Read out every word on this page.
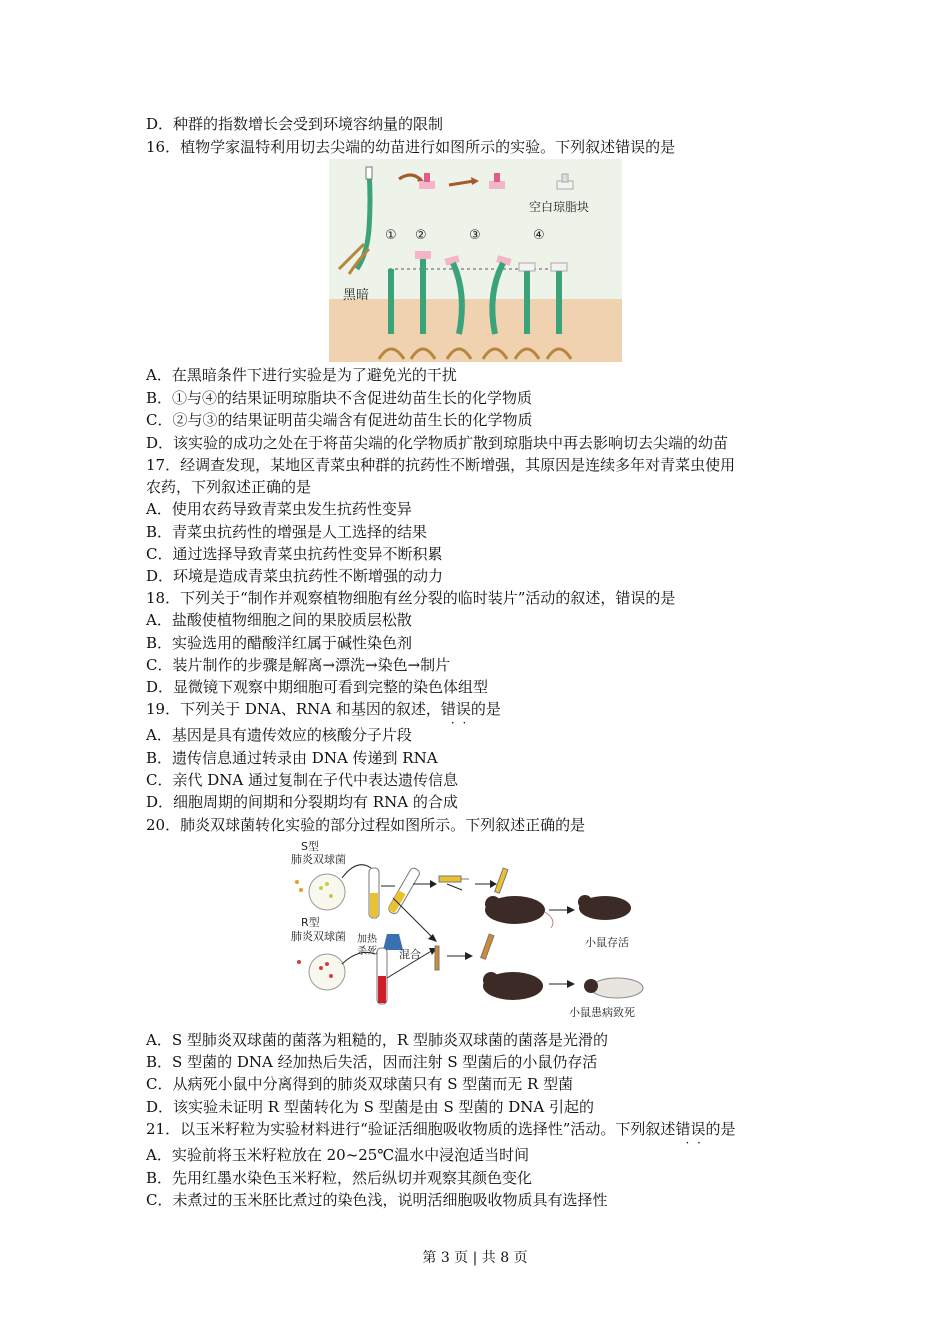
D．种群的指数增长会受到环境容纳量的限制
16．植物学家温特利用切去尖端的幼苗进行如图所示的实验。下列叙述错误的是
空白琼脂块
① ②	③	④
黑暗
A．在黑暗条件下进行实验是为了避免光的干扰
B．①与④的结果证明琼脂块不含促进幼苗生长的化学物质
C．②与③的结果证明苗尖端含有促进幼苗生长的化学物质
D．该实验的成功之处在于将苗尖端的化学物质扩散到琼脂块中再去影响切去尖端的幼苗
17．经调查发现，某地区青菜虫种群的抗药性不断增强，其原因是连续多年对青菜虫使用
农药，下列叙述正确的是
A．使用农药导致青菜虫发生抗药性变异
B．青菜虫抗药性的增强是人工选择的结果
C．通过选择导致青菜虫抗药性变异不断积累
D．环境是造成青菜虫抗药性不断增强的动力
18．下列关于“制作并观察植物细胞有丝分裂的临时装片”活动的叙述，错误的是
A．盐酸使植物细胞之间的果胶质层松散
B．实验选用的醋酸洋红属于碱性染色剂
C．装片制作的步骤是解离→漂洗→染色→制片
D．显微镜下观察中期细胞可看到完整的染色体组型
19．下列关于 DNA、RNA 和基因的叙述，错误 · ·的是
A．基因是具有遗传效应的核酸分子片段
B．遗传信息通过转录由 DNA 传递到 RNA
C．亲代 DNA 通过复制在子代中表达遗传信息
D．细胞周期的间期和分裂期均有 RNA 的合成
20．肺炎双球菌转化实验的部分过程如图所示。下列叙述正确的是
S型
肺炎双球菌
加热
杀死
小鼠存活
R型
肺炎双球菌
混合
小鼠患病致死
A．S 型肺炎双球菌的菌落为粗糙的，R 型肺炎双球菌的菌落是光滑的
B．S 型菌的 DNA 经加热后失活，因而注射 S 型菌后的小鼠仍存活
C．从病死小鼠中分离得到的肺炎双球菌只有 S 型菌而无 R 型菌
D．该实验未证明 R 型菌转化为 S 型菌是由 S 型菌的 DNA 引起的
21．以玉米籽粒为实验材料进行“验证活细胞吸收物质的选择性”活动。下列叙述错误 · ·的是
A．实验前将玉米籽粒放在 20~25℃温水中浸泡适当时间
B．先用红墨水染色玉米籽粒，然后纵切并观察其颜色变化
C．未煮过的玉米胚比煮过的染色浅，说明活细胞吸收物质具有选择性
第 3 页 | 共 8 页
